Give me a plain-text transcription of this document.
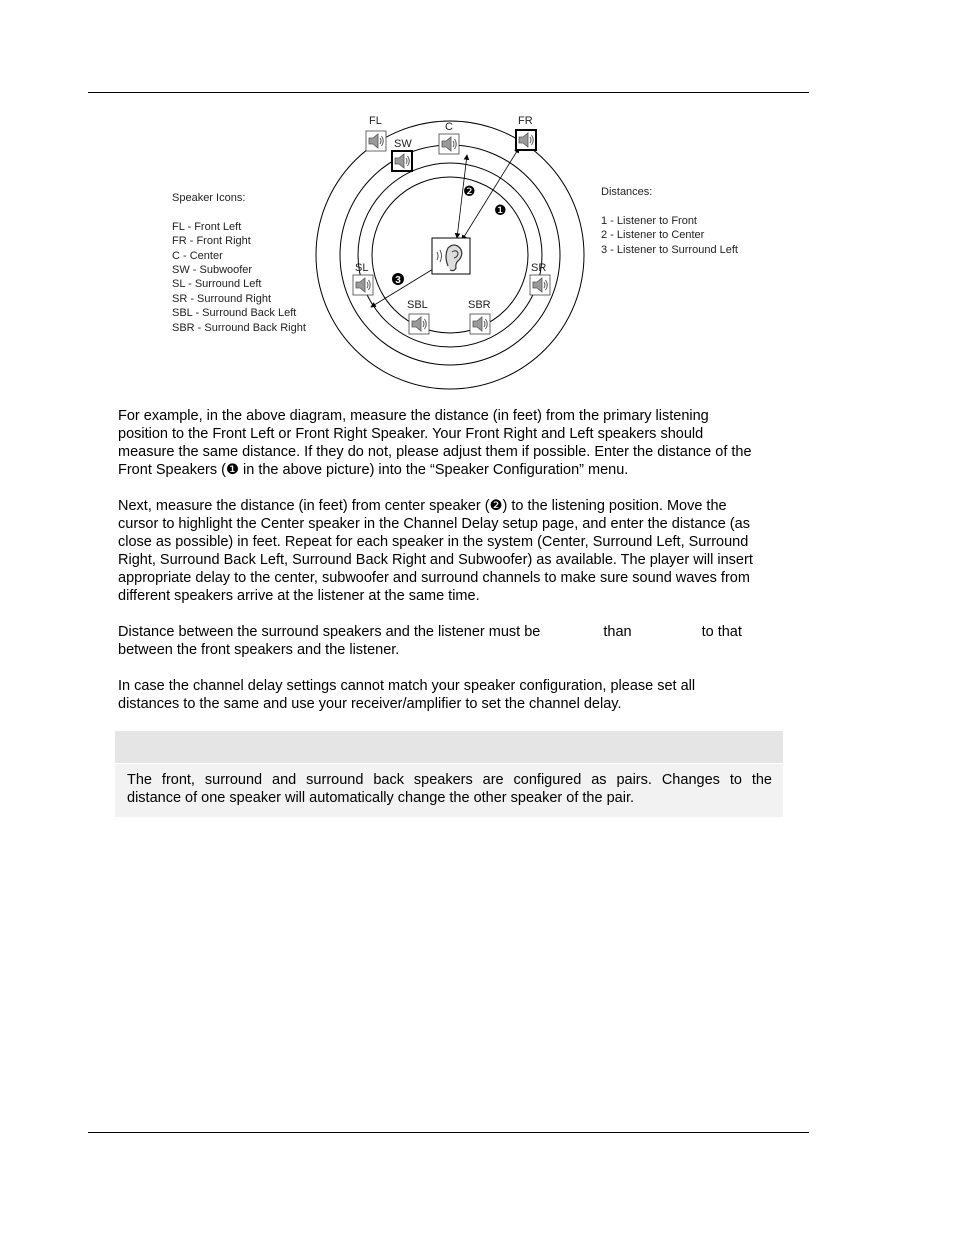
FL	C	FR
SW
SL	SR
SBL	SBR
❶
❷
3
Speaker Icons:
FL - Front Left
FR - Front Right
C - Center
SW - Subwoofer
SL - Surround Left
SR - Surround Right
SBL - Surround Back Left
SBR - Surround Back Right
Distances:
1 - Listener to Front
2 - Listener to Center
3 - Listener to Surround Left
For example, in the above diagram, measure the distance (in feet) from the primary listening
position to the Front Left or Front Right Speaker. Your Front Right and Left speakers should
measure the same distance. If they do not, please adjust them if possible. Enter the distance of the
Front Speakers (❶ in the above picture) into the “Speaker Configuration” menu.
Next, measure the distance (in feet) from center speaker (❷) to the listening position. Move the
cursor to highlight the Center speaker in the Channel Delay setup page, and enter the distance (as
close as possible) in feet. Repeat for each speaker in the system (Center, Surround Left, Surround
Right, Surround Back Left, Surround Back Right and Subwoofer) as available. The player will insert
appropriate delay to the center, subwoofer and surround channels to make sure sound waves from
different speakers arrive at the listener at the same time.
Distance between the surround speakers and the listener must be	than	to that
between the front speakers and the listener.
In case the channel delay settings cannot match your speaker configuration, please set all
distances to the same and use your receiver/amplifier to set the channel delay.
The front, surround and surround back speakers are configured as pairs. Changes to the
distance of one speaker will automatically change the other speaker of the pair.
